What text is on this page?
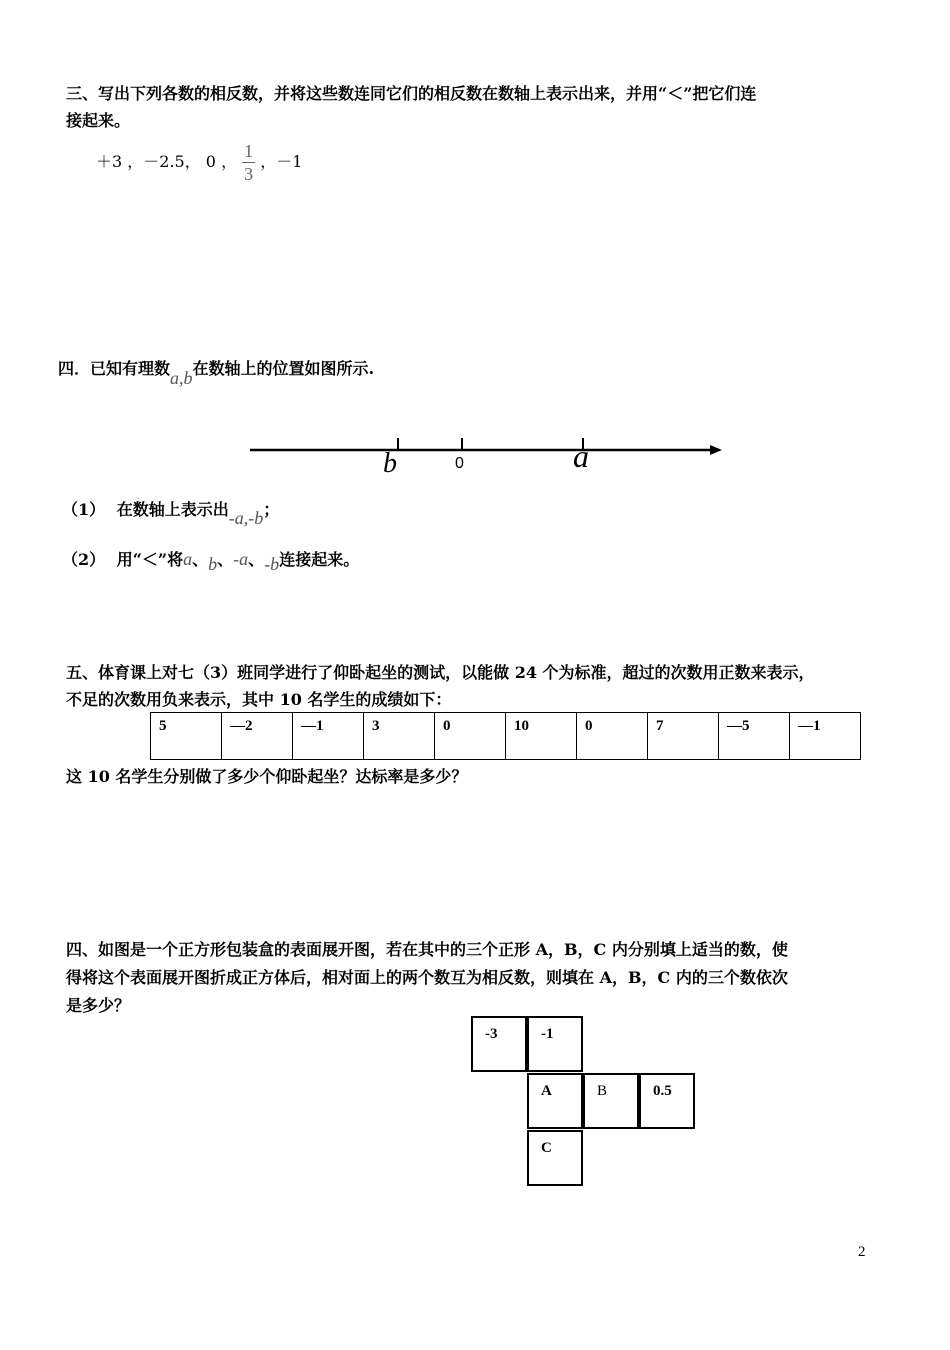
三、写出下列各数的相反数，并将这些数连同它们的相反数在数轴上表示出来，并用“＜”把它们连
接起来。
＋3 ，－2.5， 0 ， $\frac{1}{3}$ ，－1
四．已知有理数a,b在数轴上的位置如图所示.
b	0	a
（1） 在数轴上表示出-a,-b；
（2） 用“＜”将a、b、-a、-b连接起来。
五、体育课上对七（3）班同学进行了仰卧起坐的测试，以能做 24 个为标准，超过的次数用正数来表示，
不足的次数用负来表示，其中 10 名学生的成绩如下：
5	—2	—1	3	0	10	0	7	—5	—1
这 10 名学生分别做了多少个仰卧起坐？达标率是多少？
四、如图是一个正方形包装盒的表面展开图，若在其中的三个正形 A，B，C 内分别填上适当的数，使
得将这个表面展开图折成正方体后，相对面上的两个数互为相反数，则填在 A，B，C 内的三个数依次
是多少？
-3	-1
A	B	0.5
C
2
